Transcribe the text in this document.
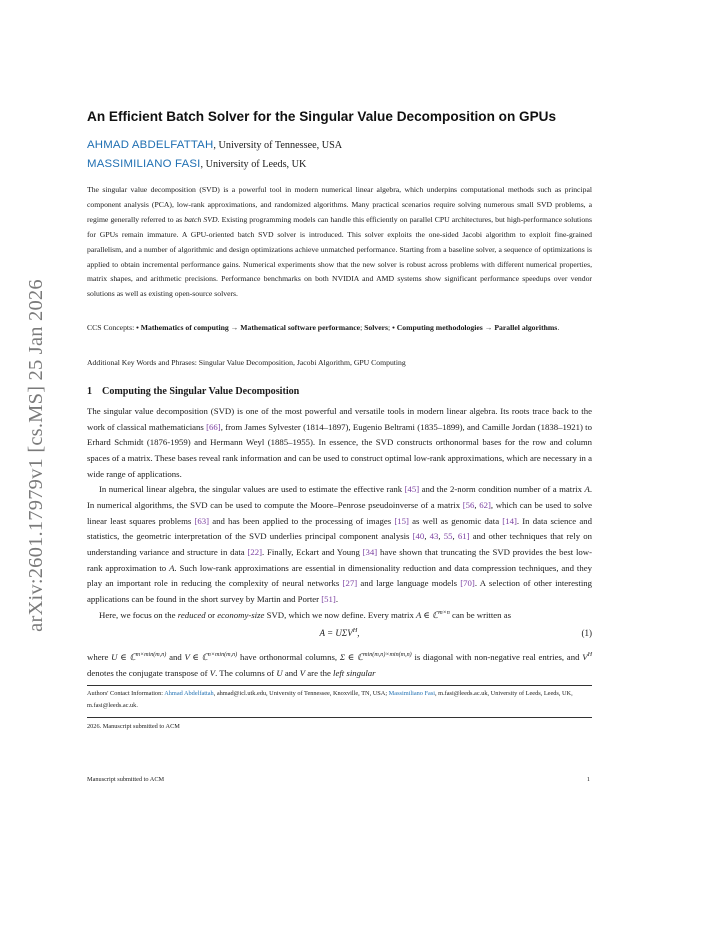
arXiv:2601.17979v1 [cs.MS] 25 Jan 2026
An Efficient Batch Solver for the Singular Value Decomposition on GPUs
AHMAD ABDELFATTAH, University of Tennessee, USA
MASSIMILIANO FASI, University of Leeds, UK
The singular value decomposition (SVD) is a powerful tool in modern numerical linear algebra, which underpins computational methods such as principal component analysis (PCA), low-rank approximations, and randomized algorithms. Many practical scenarios require solving numerous small SVD problems, a regime generally referred to as batch SVD. Existing programming models can handle this efficiently on parallel CPU architectures, but high-performance solutions for GPUs remain immature. A GPU-oriented batch SVD solver is introduced. This solver exploits the one-sided Jacobi algorithm to exploit fine-grained parallelism, and a number of algorithmic and design optimizations achieve unmatched performance. Starting from a baseline solver, a sequence of optimizations is applied to obtain incremental performance gains. Numerical experiments show that the new solver is robust across problems with different numerical properties, matrix shapes, and arithmetic precisions. Performance benchmarks on both NVIDIA and AMD systems show significant performance speedups over vendor solutions as well as existing open-source solvers.
CCS Concepts: • Mathematics of computing → Mathematical software performance; Solvers; • Computing methodologies → Parallel algorithms.
Additional Key Words and Phrases: Singular Value Decomposition, Jacobi Algorithm, GPU Computing
1 Computing the Singular Value Decomposition

The singular value decomposition (SVD) is one of the most powerful and versatile tools in modern linear algebra. Its roots trace back to the work of classical mathematicians [66], from James Sylvester (1814–1897), Eugenio Beltrami (1835–1899), and Camille Jordan (1838–1921) to Erhard Schmidt (1876-1959) and Hermann Weyl (1885–1955). In essence, the SVD constructs orthonormal bases for the row and column spaces of a matrix. These bases reveal rank information and can be used to construct optimal low-rank approximations, which are necessary in a wide range of applications.

In numerical linear algebra, the singular values are used to estimate the effective rank [45] and the 2-norm condition number of a matrix A. In numerical algorithms, the SVD can be used to compute the Moore–Penrose pseudoinverse of a matrix [56, 62], which can be used to solve linear least squares problems [63] and has been applied to the processing of images [15] as well as genomic data [14]. In data science and statistics, the geometric interpretation of the SVD underlies principal component analysis [40, 43, 55, 61] and other techniques that rely on understanding variance and structure in data [22]. Finally, Eckart and Young [34] have shown that truncating the SVD provides the best low-rank approximation to A. Such low-rank approximations are essential in dimensionality reduction and data compression techniques, and they play an important role in reducing the complexity of neural networks [27] and large language models [70]. A selection of other interesting applications can be found in the short survey by Martin and Porter [51].

Here, we focus on the reduced or economy-size SVD, which we now define. Every matrix A ∈ ℂ$^{m\times n}$ can be written as

$A = U\Sigma V^H$,	(1)
where U ∈ ℂ$^{m\times min(m,n)}$ and V ∈ ℂ$^{n\times min(m,n)}$ have orthonormal columns, Σ ∈ ℂ$^{min(m,n)\times min(m,n)}$ is diagonal with non-negative real entries, and $V^H$ denotes the conjugate transpose of V. The columns of U and V are the left singular
Authors' Contact Information: Ahmad Abdelfattah, ahmad@icl.utk.edu, University of Tennessee, Knoxville, TN, USA; Massimiliano Fasi, m.fasi@leeds.ac.uk, University of Leeds, Leeds, UK, m.fasi@leeds.ac.uk.
2026. Manuscript submitted to ACM
Manuscript submitted to ACM	1
